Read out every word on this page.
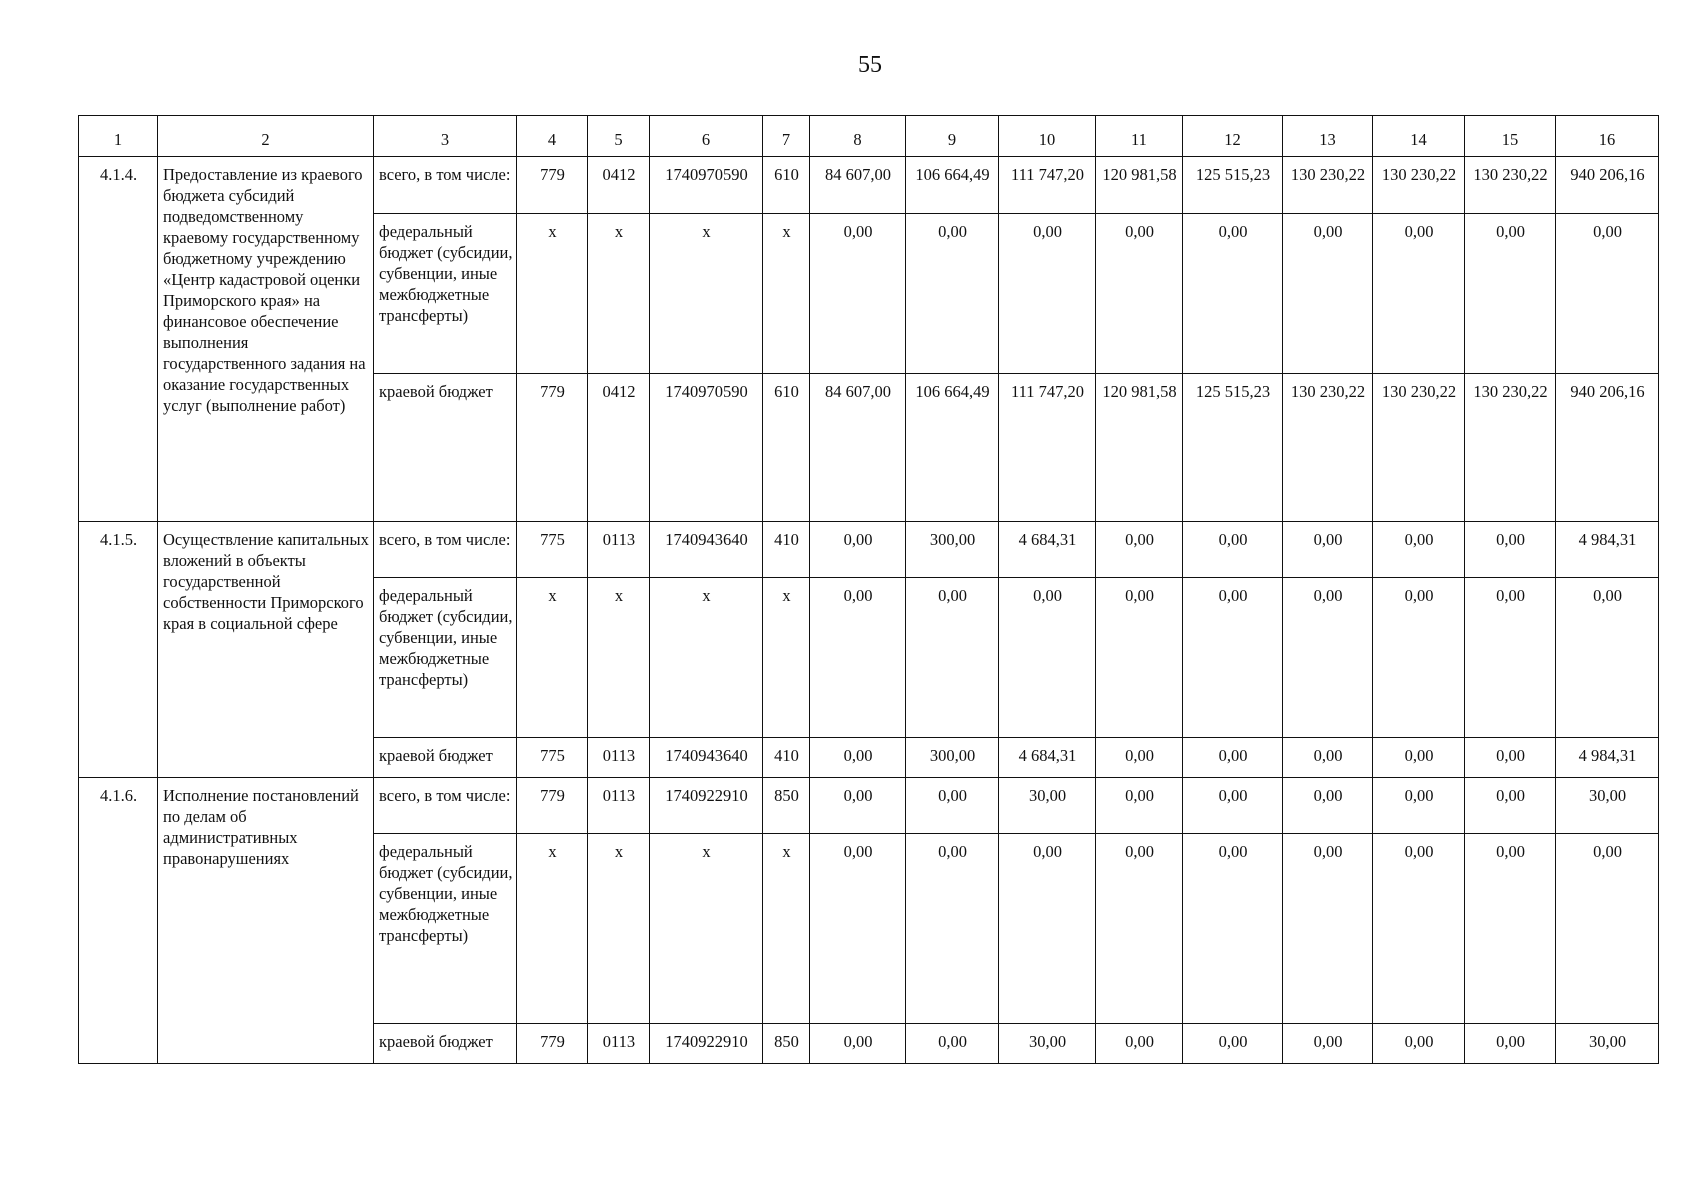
55
1	2	3	4	5	6	7	8	9	10	11	12	13	14	15	16
4.1.4.	Предоставление из краевого бюджета субсидий подведомственному краевому государственному бюджетному учреждению «Центр кадастровой оценки Приморского края» на финансовое обеспечение выполнения государственного задания на оказание государственных услуг (выполнение работ)	всего, в том числе:	779	0412	1740970590	610	84 607,00	106 664,49	111 747,20	120 981,58	125 515,23	130 230,22	130 230,22	130 230,22	940 206,16
		федеральный бюджет (субсидии, субвенции, иные межбюджетные трансферты)	x	x	x	x	0,00	0,00	0,00	0,00	0,00	0,00	0,00	0,00	0,00
		краевой бюджет	779	0412	1740970590	610	84 607,00	106 664,49	111 747,20	120 981,58	125 515,23	130 230,22	130 230,22	130 230,22	940 206,16
4.1.5.	Осуществление капитальных вложений в объекты государственной собственности Приморского края в социальной сфере	всего, в том числе:	775	0113	1740943640	410	0,00	300,00	4 684,31	0,00	0,00	0,00	0,00	0,00	4 984,31
		федеральный бюджет (субсидии, субвенции, иные межбюджетные трансферты)	x	x	x	x	0,00	0,00	0,00	0,00	0,00	0,00	0,00	0,00	0,00
		краевой бюджет	775	0113	1740943640	410	0,00	300,00	4 684,31	0,00	0,00	0,00	0,00	0,00	4 984,31
4.1.6.	Исполнение постановлений по делам об административных правонарушениях	всего, в том числе:	779	0113	1740922910	850	0,00	0,00	30,00	0,00	0,00	0,00	0,00	0,00	30,00
		федеральный бюджет (субсидии, субвенции, иные межбюджетные трансферты)	x	x	x	x	0,00	0,00	0,00	0,00	0,00	0,00	0,00	0,00	0,00
		краевой бюджет	779	0113	1740922910	850	0,00	0,00	30,00	0,00	0,00	0,00	0,00	0,00	30,00
